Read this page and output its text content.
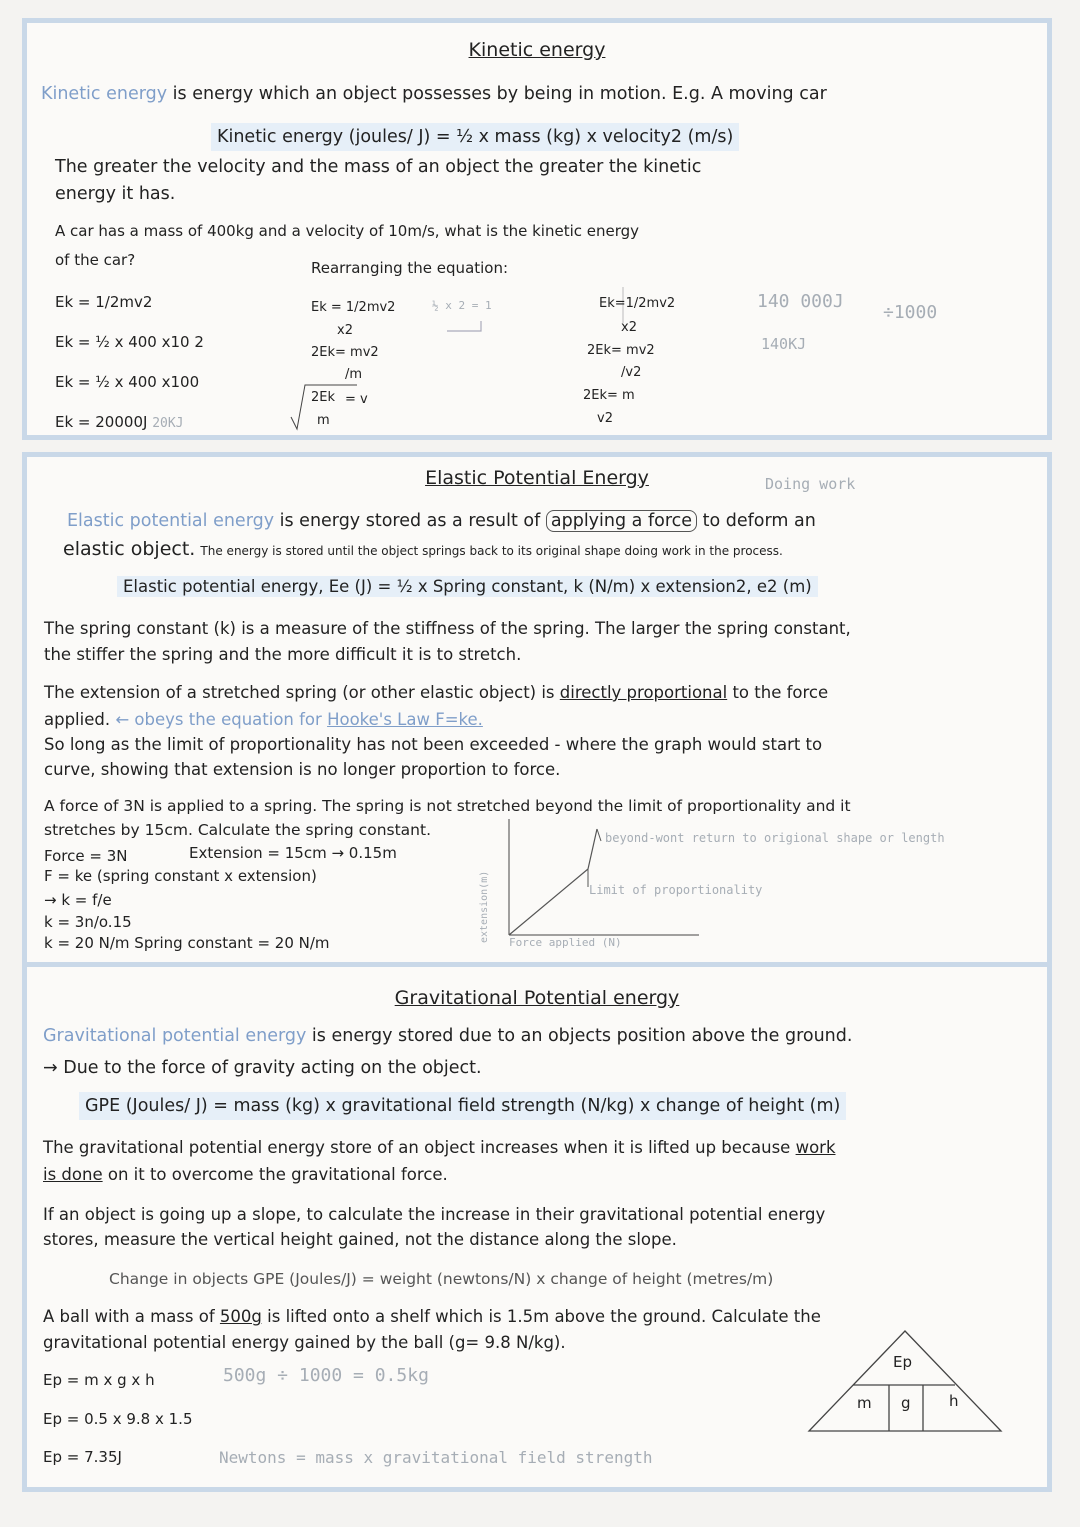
Kinetic energy
Kinetic energy is energy which an object possesses by being in motion. E.g. A moving car
Kinetic energy (joules/ J) = ½ x mass (kg) x velocity2 (m/s)
The greater the velocity and the mass of an object the greater the kinetic
energy it has.
A car has a mass of 400kg and a velocity of 10m/s, what is the kinetic energy
of the car?	Rearranging the equation:
Ek = 1/2mv2
Ek = ½ x 400 x10 2
Ek = ½ x 400 x100
Ek = 20000J 20KJ
Ek = 1/2mv2	½ x 2 = 1
x2
2Ek= mv2
/m
2Ek = v
m
Ek=1/2mv2
x2
2Ek= mv2
/v2
2Ek= m
v2
140 000J
÷1000
140KJ
Elastic Potential Energy	Doing work
Elastic potential energy is energy stored as a result of applying a force to deform an
elastic object. The energy is stored until the object springs back to its original shape doing work in the process.
Elastic potential energy, Ee (J) = ½ x Spring constant, k (N/m) x extension2, e2 (m)
The spring constant (k) is a measure of the stiffness of the spring. The larger the spring constant,
the stiffer the spring and the more difficult it is to stretch.
The extension of a stretched spring (or other elastic object) is directly proportional to the force
applied. ← obeys the equation for Hooke's Law F=ke.
So long as the limit of proportionality has not been exceeded - where the graph would start to
curve, showing that extension is no longer proportion to force.
A force of 3N is applied to a spring. The spring is not stretched beyond the limit of proportionality and it
stretches by 15cm. Calculate the spring constant.
Force = 3N	Extension = 15cm → 0.15m
F = ke (spring constant x extension)
→ k = f/e
k = 3n/o.15
k = 20 N/m Spring constant = 20 N/m	extension(m) Force applied (N)
beyond-wont return to origional shape or length
Limit of proportionality
Gravitational Potential energy
Gravitational potential energy is energy stored due to an objects position above the ground.
→ Due to the force of gravity acting on the object.
GPE (Joules/ J) = mass (kg) x gravitational field strength (N/kg) x change of height (m)
The gravitational potential energy store of an object increases when it is lifted up because work
is done on it to overcome the gravitational force.
If an object is going up a slope, to calculate the increase in their gravitational potential energy
stores, measure the vertical height gained, not the distance along the slope.
Change in objects GPE (Joules/J) = weight (newtons/N) x change of height (metres/m)
A ball with a mass of 500g is lifted onto a shelf which is 1.5m above the ground. Calculate the
gravitational potential energy gained by the ball (g= 9.8 N/kg).
Ep = m x g x h	500g ÷ 1000 = 0.5kg
Ep = 0.5 x 9.8 x 1.5
Ep = 7.35J	Newtons = mass x gravitational field strength
Ep
m g	h
